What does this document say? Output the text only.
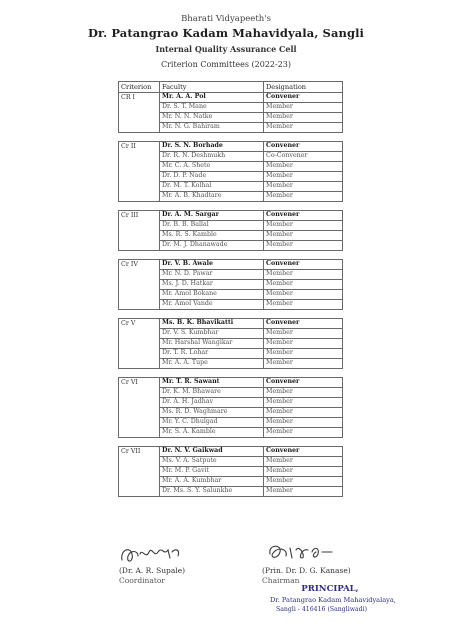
Bharati Vidyapeeth's
Dr. Patangrao Kadam Mahavidyala, Sangli
Internal Quality Assurance Cell
Criterion Committees (2022-23)
Criterion	Faculty	Designation
CR I	Mr. A. A. Pol	Convener
	Dr. S. T. Mane	Member
	Mr. N. N. Natke	Member
	Mr. N. G. Bahiram	Member

Cr II	Dr. S. N. Borhade	Convener
	Dr. R. N. Deshmukh	Co-Convener
	Mr. C. A. Shete	Member
	Dr. D. P. Nade	Member
	Dr. M. T. Kolhal	Member
	Mr. A. B. Khadtare	Member

Cr III	Dr. A. M. Sargar	Convener
	Dr. B. B. Ballal	Member
	Ms. R. S. Kamble	Member
	Dr. M. J. Dhanawade	Member

Cr IV	Dr. V. B. Awale	Convener
	Mr. N. D. Pawar	Member
	Ms. J. D. Hatkar	Member
	Mr. Amol Bokane	Member
	Mr. Amol Vande	Member

Cr V	Ms. B. K. Bhavikatti	Convener
	Dr. V. S. Kumbhar	Member
	Mr. Harshal Wangikar	Member
	Dr. T. R. Lohar	Member
	Mr. A. A. Tupe	Member

Cr VI	Mr. T. R. Sawant	Convener
	Dr. K. M. Bhaware	Member
	Dr. A. H. Jadhav	Member
	Ms. R. D. Waghmare	Member
	Mr. Y. C. Dhulgad	Member
	Mr. S. A. Kamble	Member

Cr VII	Dr. N. V. Gaikwad	Convener
	Ms. V. A. Satpute	Member
	Mr. M. P. Gavit	Member
	Mr. A. A. Kumbhar	Member
	Dr. Ms. S. Y. Salunkhe	Member
(Dr. A. R. Supale)
Coordinator
(Prin. Dr. D. G. Kanase)
Chairman
PRINCIPAL,
Dr. Patangrao Kadam Mahavidyalaya,
Sangli - 416416 (Sangliwadi)
